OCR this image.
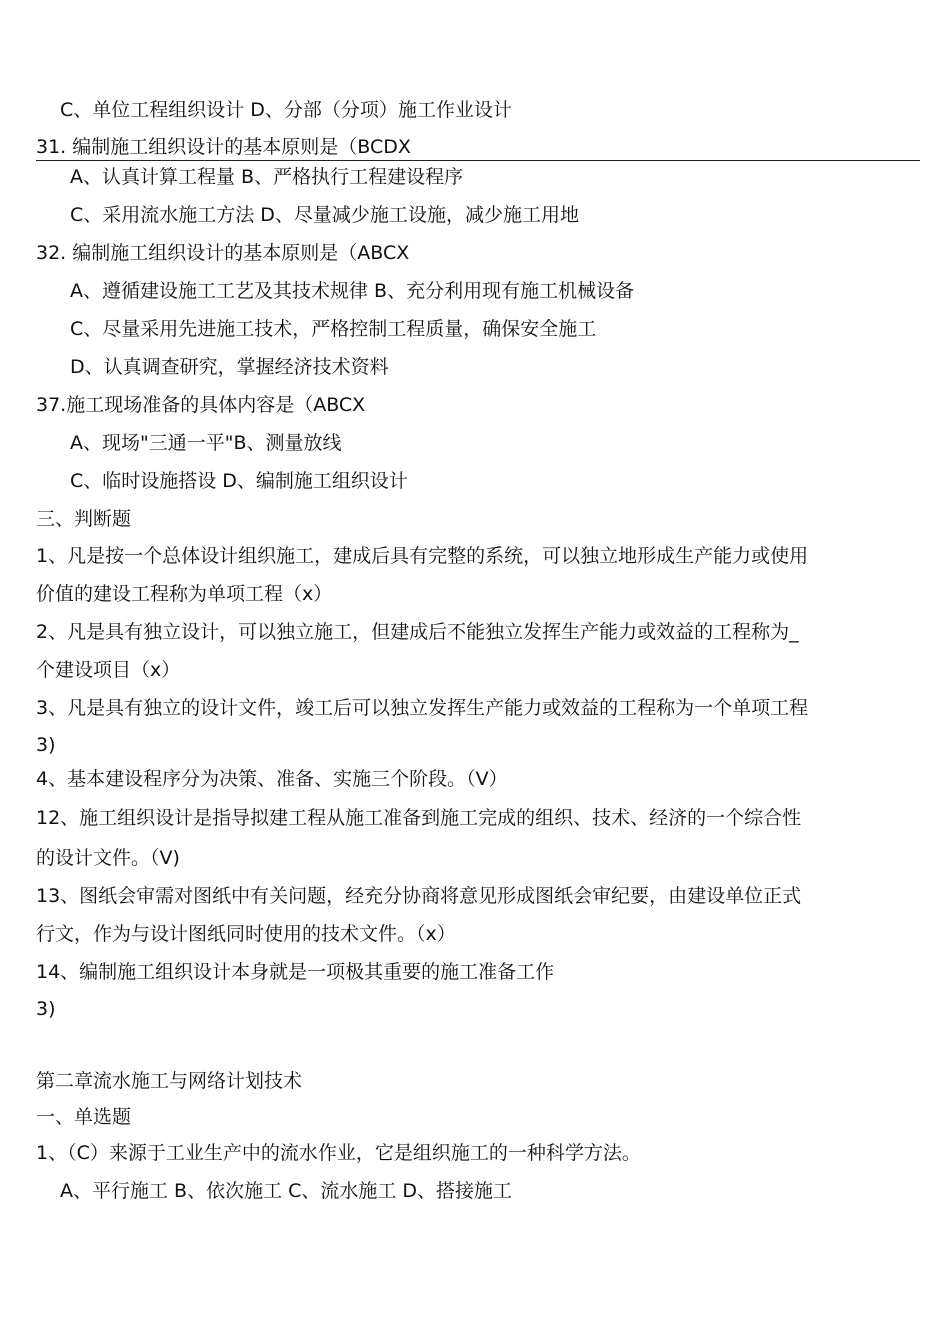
C、单位工程组织设计 D、分部（分项）施工作业设计
31. 编制施工组织设计的基本原则是（BCDX
A、认真计算工程量 B、严格执行工程建设程序
C、采用流水施工方法 D、尽量减少施工设施，减少施工用地
32. 编制施工组织设计的基本原则是（ABCX
A、遵循建设施工工艺及其技术规律 B、充分利用现有施工机械设备
C、尽量采用先进施工技术，严格控制工程质量，确保安全施工
D、认真调查研究，掌握经济技术资料
37.施工现场准备的具体内容是（ABCX
A、现场"三通一平"B、测量放线
C、临时设施搭设 D、编制施工组织设计
三、判断题
1、凡是按一个总体设计组织施工，建成后具有完整的系统，可以独立地形成生产能力或使用
价值的建设工程称为单项工程（x）
2、凡是具有独立设计，可以独立施工，但建成后不能独立发挥生产能力或效益的工程称为_
个建设项目（x）
3、凡是具有独立的设计文件，竣工后可以独立发挥生产能力或效益的工程称为一个单项工程
3)
4、基本建设程序分为决策、准备、实施三个阶段。（V）
12、施工组织设计是指导拟建工程从施工准备到施工完成的组织、技术、经济的一个综合性
的设计文件。（V)
13、图纸会审需对图纸中有关问题，经充分协商将意见形成图纸会审纪要，由建设单位正式
行文，作为与设计图纸同时使用的技术文件。（x）
14、编制施工组织设计本身就是一项极其重要的施工准备工作
3)
第二章流水施工与网络计划技术
一、单选题
1、（C）来源于工业生产中的流水作业，它是组织施工的一种科学方法。
A、平行施工 B、依次施工 C、流水施工 D、搭接施工
